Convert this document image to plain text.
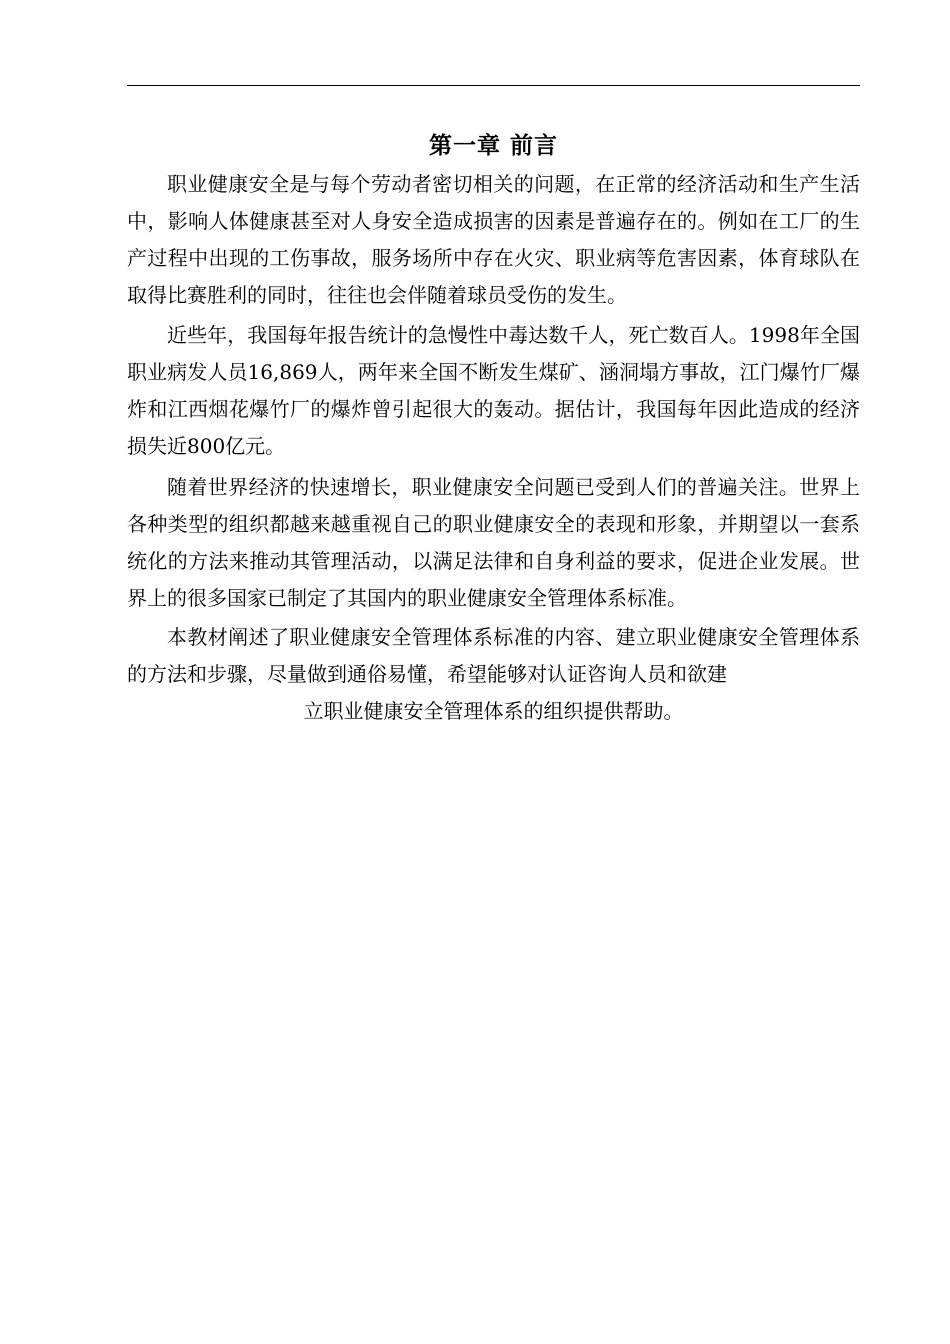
第一章 前言

职业健康安全是与每个劳动者密切相关的问题，在正常的经济活动和生产生活中，影响人体健康甚至对人身安全造成损害的因素是普遍存在的。例如在工厂的生产过程中出现的工伤事故，服务场所中存在火灾、职业病等危害因素，体育球队在取得比赛胜利的同时，往往也会伴随着球员受伤的发生。

近些年，我国每年报告统计的急慢性中毒达数千人，死亡数百人。1998年全国职业病发人员16,869人，两年来全国不断发生煤矿、涵洞塌方事故，江门爆竹厂爆炸和江西烟花爆竹厂的爆炸曾引起很大的轰动。据估计，我国每年因此造成的经济损失近800亿元。

随着世界经济的快速增长，职业健康安全问题已受到人们的普遍关注。世界上各种类型的组织都越来越重视自己的职业健康安全的表现和形象，并期望以一套系统化的方法来推动其管理活动，以满足法律和自身利益的要求，促进企业发展。世界上的很多国家已制定了其国内的职业健康安全管理体系标准。

本教材阐述了职业健康安全管理体系标准的内容、建立职业健康安全管理体系的方法和步骤，尽量做到通俗易懂，希望能够对认证咨询人员和欲建
立职业健康安全管理体系的组织提供帮助。
